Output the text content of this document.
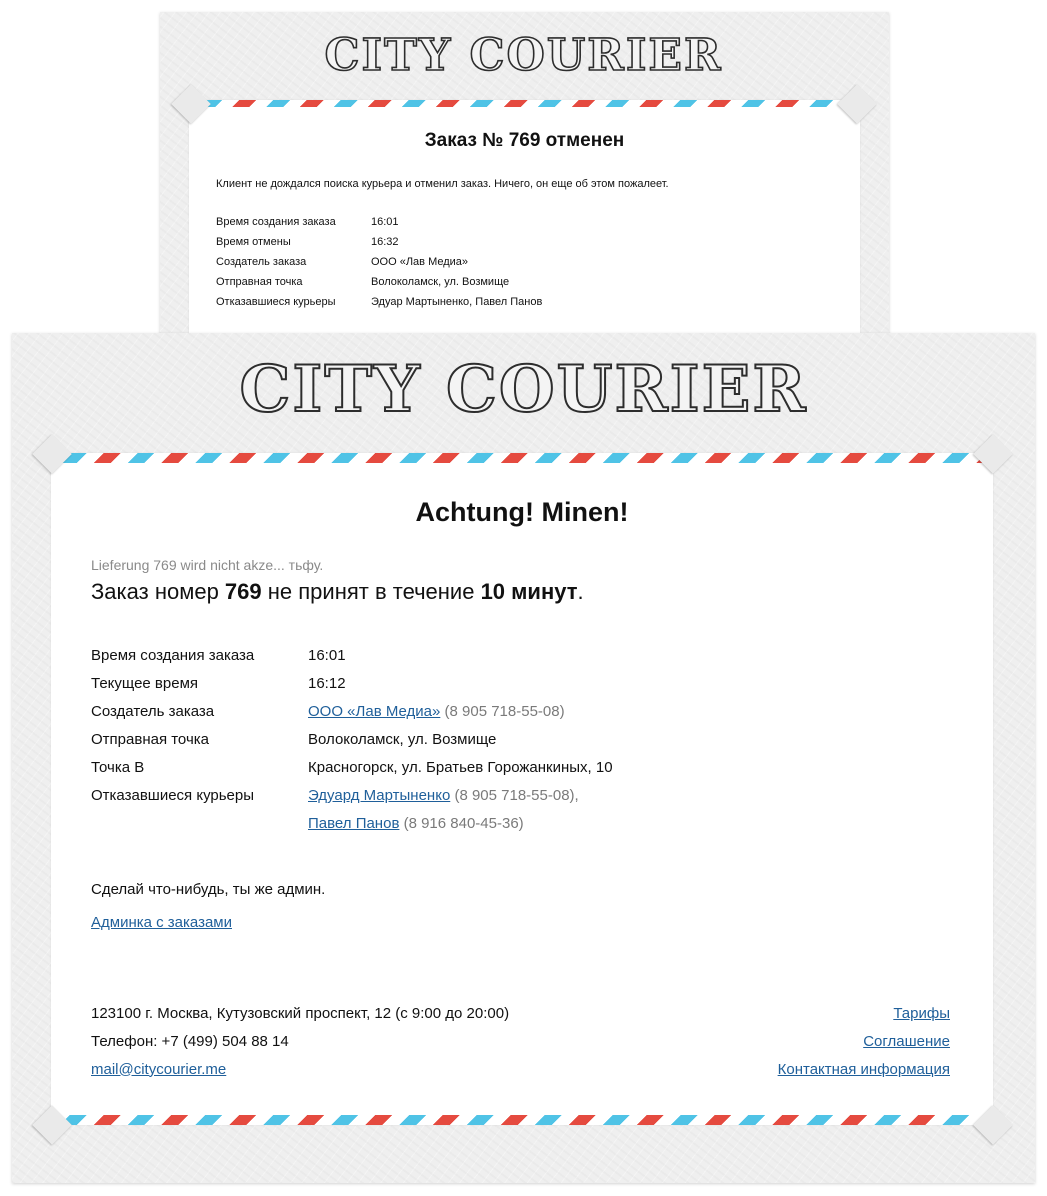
CITY COURIER
Заказ № 769 отменен
Клиент не дождался поиска курьера и отменил заказ. Ничего, он еще об этом пожалеет.
Время создания заказа	16:01
Время отмены	16:32
Создатель заказа	ООО «Лав Медиа»
Отправная точка	Волоколамск, ул. Возмище
Отказавшиеся курьеры	Эдуар Мартыненко, Павел Панов
CITY COURIER
Achtung! Minen!
Lieferung 769 wird nicht akze... тьфу.
Заказ номер 769 не принят в течение 10 минут.
Время создания заказа	16:01
Текущее время	16:12
Создатель заказа	ООО «Лав Медиа» (8 905 718-55-08)
Отправная точка	Волоколамск, ул. Возмище
Точка В	Красногорск, ул. Братьев Горожанкиных, 10
Отказавшиеся курьеры	Эдуард Мартыненко (8 905 718-55-08),
Павел Панов (8 916 840-45-36)
Сделай что-нибудь, ты же админ.
Админка с заказами
123100 г. Москва, Кутузовский проспект, 12 (с 9:00 до 20:00)
Телефон: +7 (499) 504 88 14
mail@citycourier.me
Тарифы
Соглашение
Контактная информация
